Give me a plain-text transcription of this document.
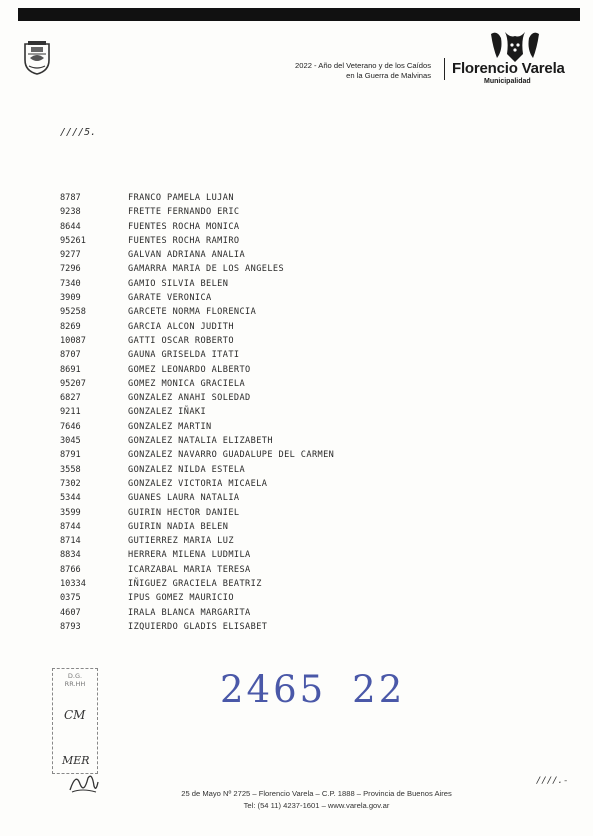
2022 - Año del Veterano y de los Caídos
en la Guerra de Malvinas Florencio Varela
Municipalidad
////5.
8787	FRANCO PAMELA LUJAN
9238	FRETTE FERNANDO ERIC
8644	FUENTES ROCHA MONICA
95261	FUENTES ROCHA RAMIRO
9277	GALVAN ADRIANA ANALIA
7296	GAMARRA MARIA DE LOS ANGELES
7340	GAMIO SILVIA BELEN
3909	GARATE VERONICA
95258	GARCETE NORMA FLORENCIA
8269	GARCIA ALCON JUDITH
10087	GATTI OSCAR ROBERTO
8707	GAUNA GRISELDA ITATI
8691	GOMEZ LEONARDO ALBERTO
95207	GOMEZ MONICA GRACIELA
6827	GONZALEZ ANAHI SOLEDAD
9211	GONZALEZ IÑAKI
7646	GONZALEZ MARTIN
3045	GONZALEZ NATALIA ELIZABETH
8791	GONZALEZ NAVARRO GUADALUPE DEL CARMEN
3558	GONZALEZ NILDA ESTELA
7302	GONZALEZ VICTORIA MICAELA
5344	GUANES LAURA NATALIA
3599	GUIRIN HECTOR DANIEL
8744	GUIRIN NADIA BELEN
8714	GUTIERREZ MARIA LUZ
8834	HERRERA MILENA LUDMILA
8766	ICARZABAL MARIA TERESA
10334	IÑIGUEZ GRACIELA BEATRIZ
0375	IPUS GOMEZ MAURICIO
4607	IRALA BLANCA MARGARITA
8793	IZQUIERDO GLADIS ELISABET
D.G.
RR.HH
CM
MER
2465 22
////.-
25 de Mayo Nº 2725 – Florencio Varela – C.P. 1888 – Provincia de Buenos Aires
Tel: (54 11) 4237-1601 – www.varela.gov.ar
